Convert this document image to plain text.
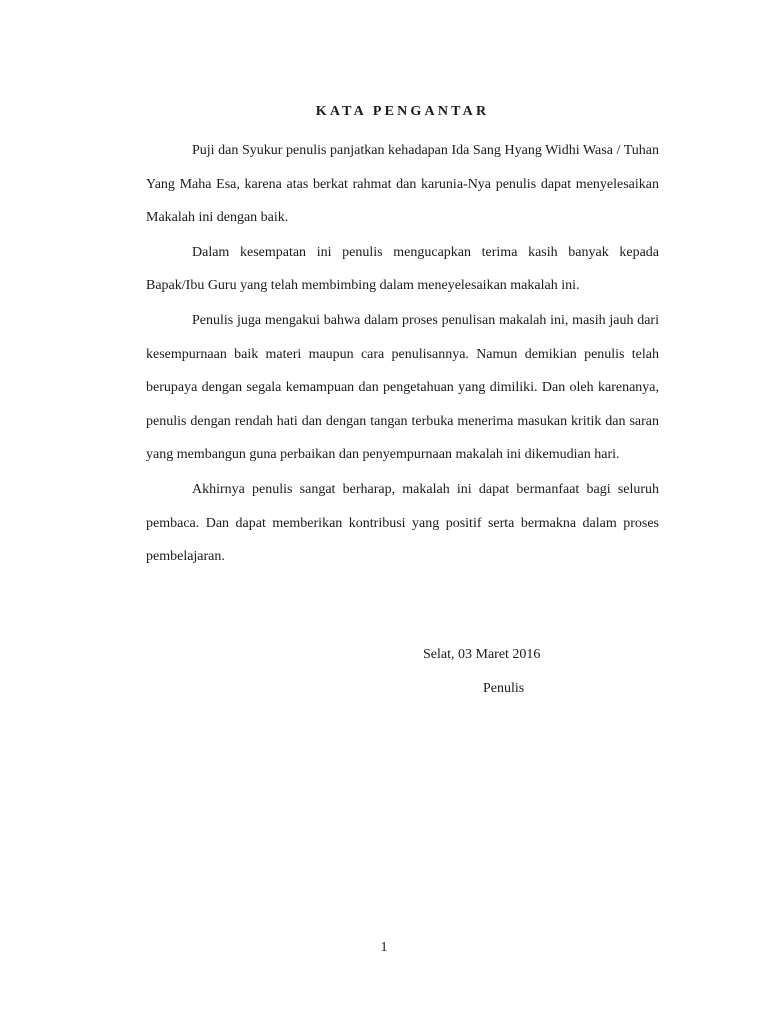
KATA PENGANTAR

Puji dan Syukur penulis panjatkan kehadapan Ida Sang Hyang Widhi Wasa / Tuhan Yang Maha Esa, karena atas berkat rahmat dan karunia-Nya penulis dapat menyelesaikan Makalah ini dengan baik.

Dalam kesempatan ini penulis mengucapkan terima kasih banyak kepada Bapak/Ibu Guru yang telah membimbing dalam meneyelesaikan makalah ini.

Penulis juga mengakui bahwa dalam proses penulisan makalah ini, masih jauh dari kesempurnaan baik materi maupun cara penulisannya. Namun demikian penulis telah berupaya dengan segala kemampuan dan pengetahuan yang dimiliki. Dan oleh karenanya, penulis dengan rendah hati dan dengan tangan terbuka menerima masukan kritik dan saran yang membangun guna perbaikan dan penyempurnaan makalah ini dikemudian hari.

Akhirnya penulis sangat berharap, makalah ini dapat bermanfaat bagi seluruh pembaca. Dan dapat memberikan kontribusi yang positif serta bermakna dalam proses pembelajaran.

Selat, 03 Maret 2016
Penulis
1
